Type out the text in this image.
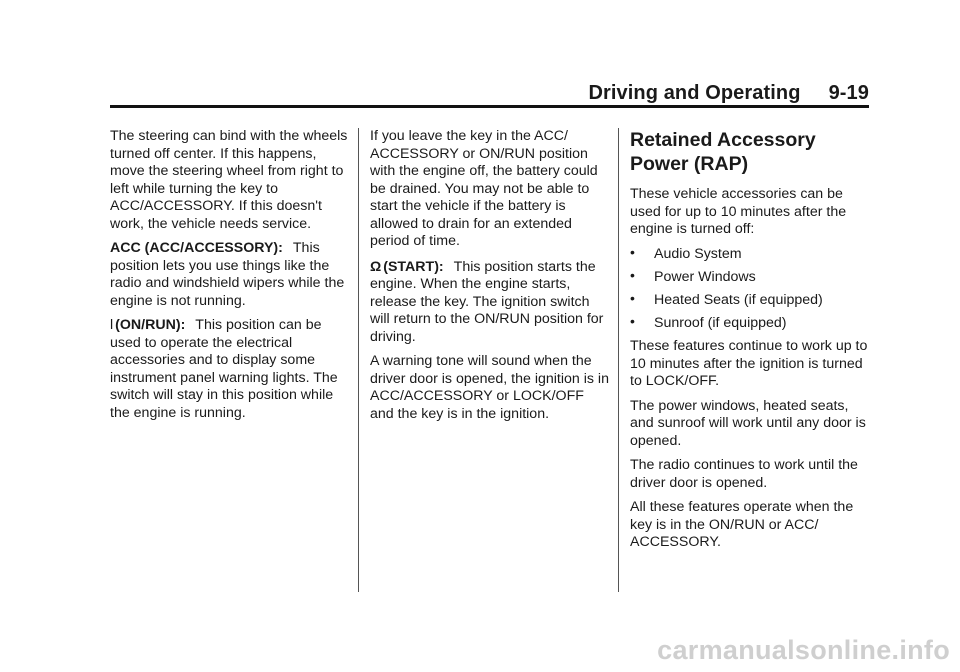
Driving and Operating 9-19

The steering can bind with the wheels turned off center. If this happens, move the steering wheel from right to left while turning the key to ACC/ACCESSORY. If this doesn't work, the vehicle needs service.

ACC (ACC/ACCESSORY): This position lets you use things like the radio and windshield wipers while the engine is not running.

l (ON/RUN): This position can be used to operate the electrical accessories and to display some instrument panel warning lights. The switch will stay in this position while the engine is running.

If you leave the key in the ACC/ ACCESSORY or ON/RUN position with the engine off, the battery could be drained. You may not be able to start the vehicle if the battery is allowed to drain for an extended period of time.

Ω (START): This position starts the engine. When the engine starts, release the key. The ignition switch will return to the ON/RUN position for driving.

A warning tone will sound when the driver door is opened, the ignition is in ACC/ACCESSORY or LOCK/OFF and the key is in the ignition.

Retained Accessory Power (RAP)

These vehicle accessories can be used for up to 10 minutes after the engine is turned off:

• Audio System
• Power Windows
• Heated Seats (if equipped)
• Sunroof (if equipped)

These features continue to work up to 10 minutes after the ignition is turned to LOCK/OFF.

The power windows, heated seats, and sunroof will work until any door is opened.

The radio continues to work until the driver door is opened.

All these features operate when the key is in the ON/RUN or ACC/ ACCESSORY.

carmanualsonline.info
